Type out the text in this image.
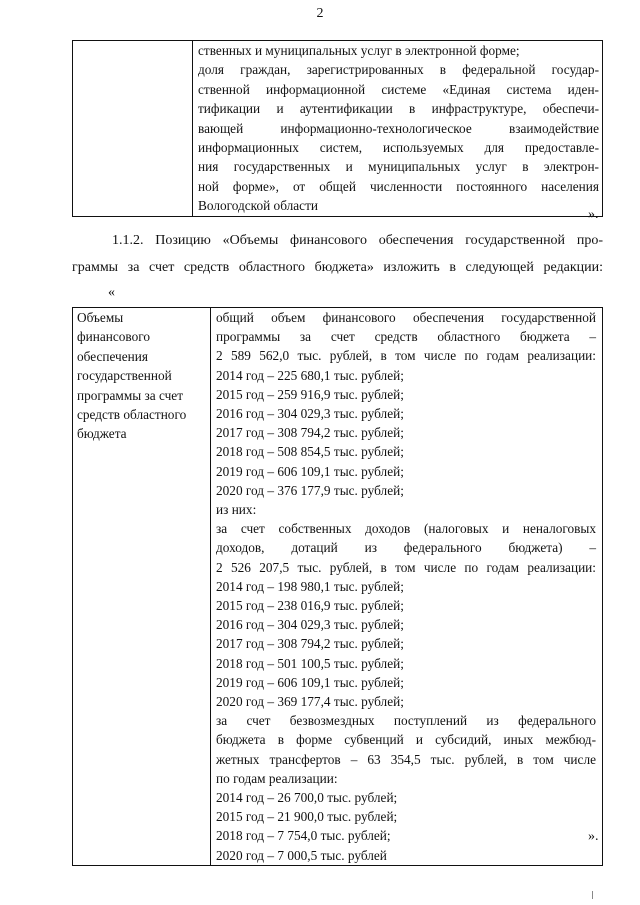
2

ственных и муниципальных услуг в электронной форме;
доля граждан, зарегистрированных в федеральной государ-
ственной информационной системе «Единая система иден-
тификации и аутентификации в инфраструктуре, обеспечи-
вающей информационно-технологическое взаимодействие
информационных систем, используемых для предоставле-
ния государственных и муниципальных услуг в электрон-
ной форме», от общей численности постоянного населения
Вологодской области
».
1.1.2. Позицию «Объемы финансового обеспечения государственной про-
граммы за счет средств областного бюджета» изложить в следующей редакции:
«
Объемы
финансового
обеспечения
государственной
программы за счет
средств областного
бюджета

общий объем финансового обеспечения государственной
программы за счет средств областного бюджета –
2 589 562,0 тыс. рублей, в том числе по годам реализации:
2014 год – 225 680,1 тыс. рублей;
2015 год – 259 916,9 тыс. рублей;
2016 год – 304 029,3 тыс. рублей;
2017 год – 308 794,2 тыс. рублей;
2018 год – 508 854,5 тыс. рублей;
2019 год – 606 109,1 тыс. рублей;
2020 год – 376 177,9 тыс. рублей;
из них:
за счет собственных доходов (налоговых и неналоговых
доходов, дотаций из федерального бюджета) –
2 526 207,5 тыс. рублей, в том числе по годам реализации:
2014 год – 198 980,1 тыс. рублей;
2015 год – 238 016,9 тыс. рублей;
2016 год – 304 029,3 тыс. рублей;
2017 год – 308 794,2 тыс. рублей;
2018 год – 501 100,5 тыс. рублей;
2019 год – 606 109,1 тыс. рублей;
2020 год – 369 177,4 тыс. рублей;
за счет безвозмездных поступлений из федерального
бюджета в форме субвенций и субсидий, иных межбюд-
жетных трансфертов – 63 354,5 тыс. рублей, в том числе
по годам реализации:
2014 год – 26 700,0 тыс. рублей;
2015 год – 21 900,0 тыс. рублей;
2018 год – 7 754,0 тыс. рублей;
2020 год – 7 000,5 тыс. рублей
».
